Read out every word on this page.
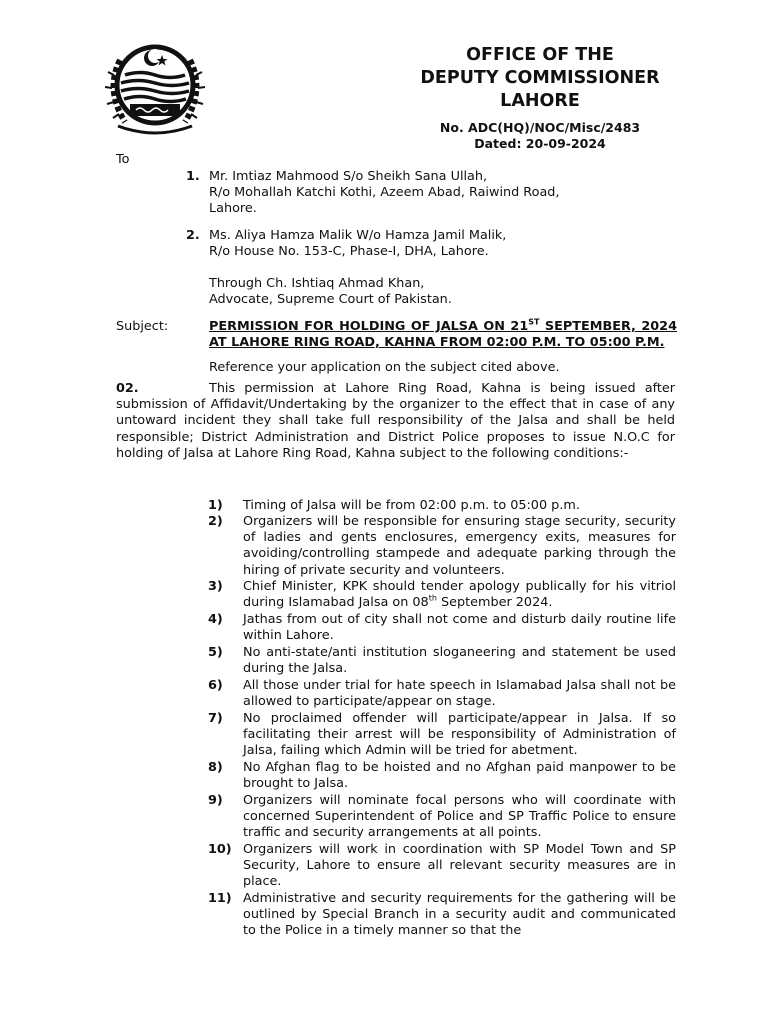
OFFICE OF THE
DEPUTY COMMISSIONER
LAHORE
No. ADC(HQ)/NOC/Misc/2483
Dated: 20-09-2024
To
1. Mr. Imtiaz Mahmood S/o Sheikh Sana Ullah,
R/o Mohallah Katchi Kothi, Azeem Abad, Raiwind Road,
Lahore.
2. Ms. Aliya Hamza Malik W/o Hamza Jamil Malik,
R/o House No. 153-C, Phase-I, DHA, Lahore.
Through Ch. Ishtiaq Ahmad Khan,
Advocate, Supreme Court of Pakistan.
Subject:	PERMISSION FOR HOLDING OF JALSA ON 21ST SEPTEMBER, 2024 AT LAHORE RING ROAD, KAHNA FROM 02:00 P.M. TO 05:00 P.M.
Reference your application on the subject cited above.
02.	This permission at Lahore Ring Road, Kahna is being issued after submission of Affidavit/Undertaking by the organizer to the effect that in case of any untoward incident they shall take full responsibility of the Jalsa and shall be held responsible; District Administration and District Police proposes to issue N.O.C for holding of Jalsa at Lahore Ring Road, Kahna subject to the following conditions:-
1) Timing of Jalsa will be from 02:00 p.m. to 05:00 p.m.
2) Organizers will be responsible for ensuring stage security, security of ladies and gents enclosures, emergency exits, measures for avoiding/controlling stampede and adequate parking through the hiring of private security and volunteers.
3) Chief Minister, KPK should tender apology publically for his vitriol during Islamabad Jalsa on 08th September 2024.
4) Jathas from out of city shall not come and disturb daily routine life within Lahore.
5) No anti-state/anti institution sloganeering and statement be used during the Jalsa.
6) All those under trial for hate speech in Islamabad Jalsa shall not be allowed to participate/appear on stage.
7) No proclaimed offender will participate/appear in Jalsa. If so facilitating their arrest will be responsibility of Administration of Jalsa, failing which Admin will be tried for abetment.
8) No Afghan flag to be hoisted and no Afghan paid manpower to be brought to Jalsa.
9) Organizers will nominate focal persons who will coordinate with concerned Superintendent of Police and SP Traffic Police to ensure traffic and security arrangements at all points.
10) Organizers will work in coordination with SP Model Town and SP Security, Lahore to ensure all relevant security measures are in place.
11) Administrative and security requirements for the gathering will be outlined by Special Branch in a security audit and communicated to the Police in a timely manner so that the
